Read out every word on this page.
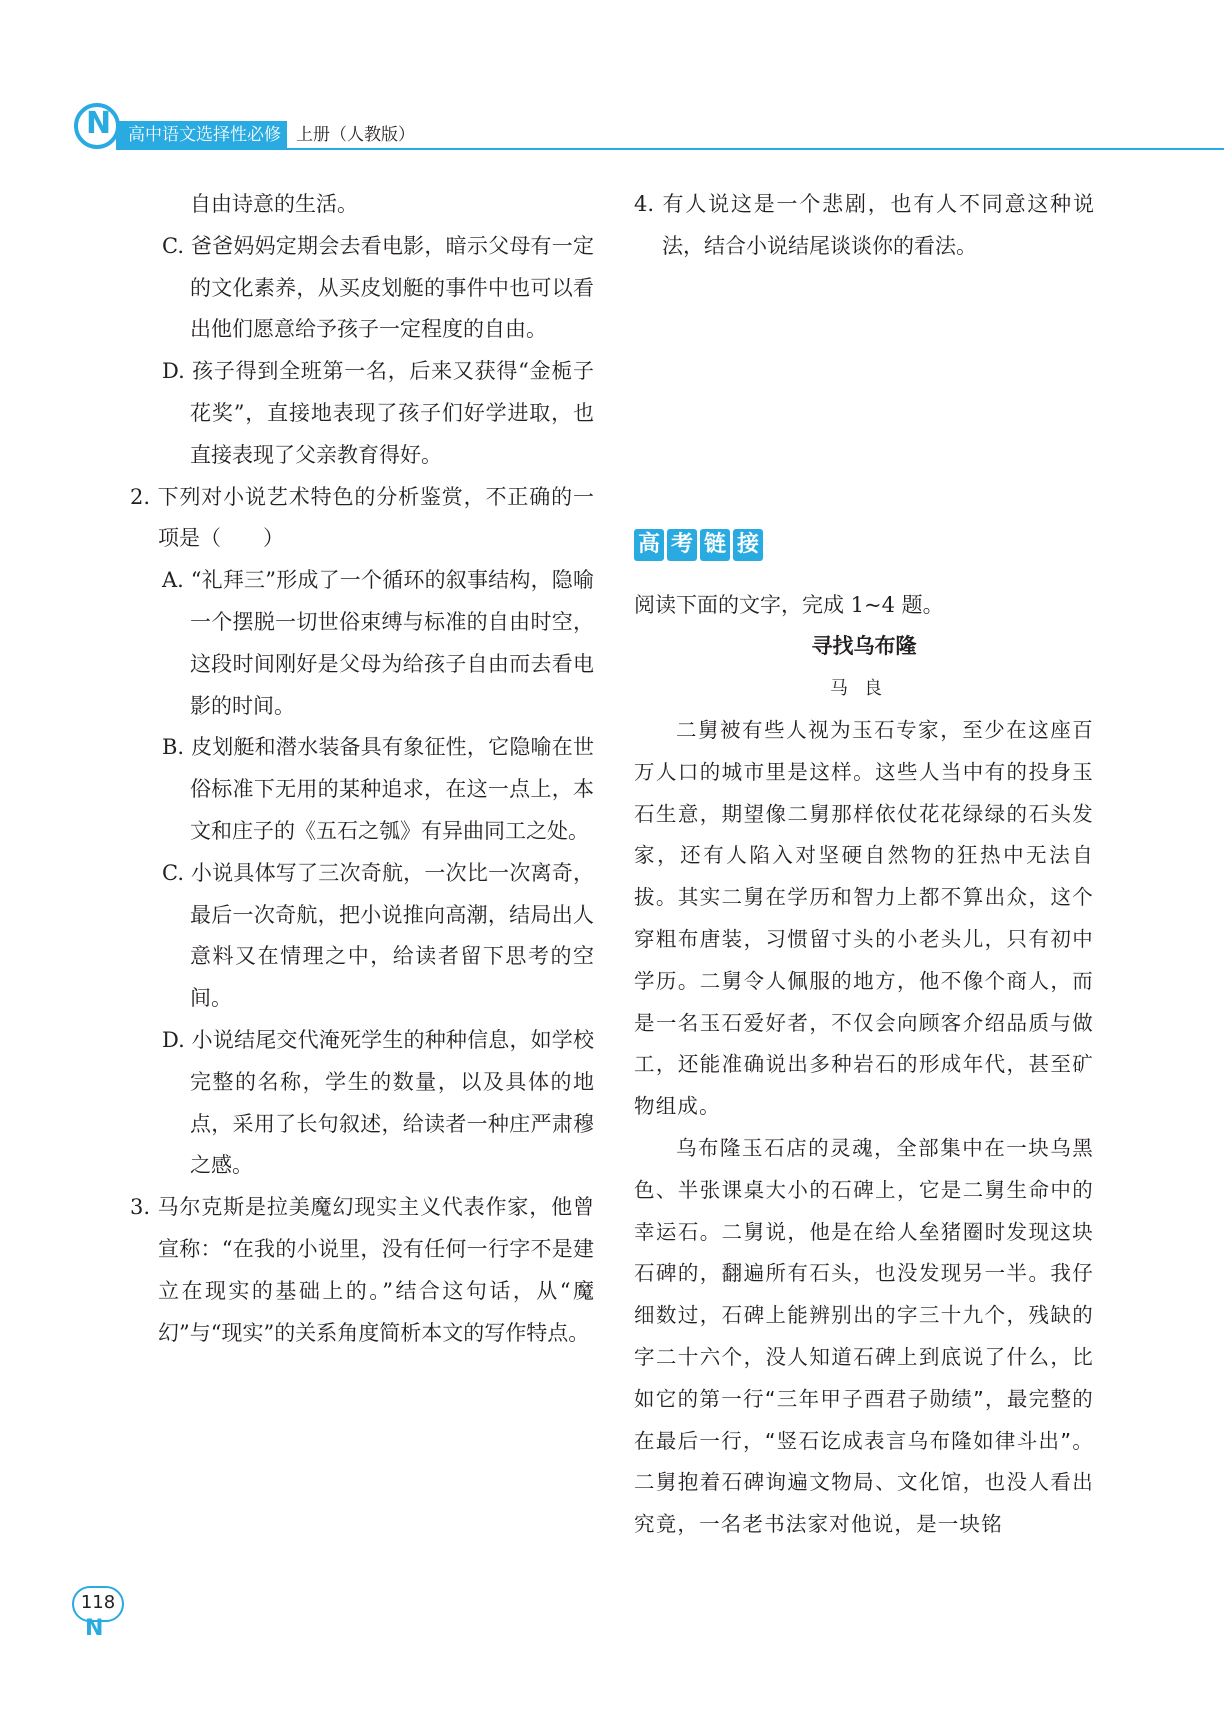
N 高中语文选择性必修 上册（人教版）

自由诗意的生活。

C. 爸爸妈妈定期会去看电影，暗示父母有一定的文化素养，从买皮划艇的事件中也可以看出他们愿意给予孩子一定程度的自由。

D. 孩子得到全班第一名，后来又获得“金栀子花奖”，直接地表现了孩子们好学进取，也直接表现了父亲教育得好。

2. 下列对小说艺术特色的分析鉴赏，不正确的一项是（　　）

A. “礼拜三”形成了一个循环的叙事结构，隐喻一个摆脱一切世俗束缚与标准的自由时空，这段时间刚好是父母为给孩子自由而去看电影的时间。

B. 皮划艇和潜水装备具有象征性，它隐喻在世俗标准下无用的某种追求，在这一点上，本文和庄子的《五石之瓠》有异曲同工之处。

C. 小说具体写了三次奇航，一次比一次离奇，最后一次奇航，把小说推向高潮，结局出人意料又在情理之中，给读者留下思考的空间。

D. 小说结尾交代淹死学生的种种信息，如学校完整的名称，学生的数量，以及具体的地点，采用了长句叙述，给读者一种庄严肃穆之感。

3. 马尔克斯是拉美魔幻现实主义代表作家，他曾宣称：“在我的小说里，没有任何一行字不是建立在现实的基础上的。”结合这句话，从“魔幻”与“现实”的关系角度简析本文的写作特点。

4. 有人说这是一个悲剧，也有人不同意这种说法，结合小说结尾谈谈你的看法。

高 考 链 接

阅读下面的文字，完成 1~4 题。

寻找乌布隆

马良

二舅被有些人视为玉石专家，至少在这座百万人口的城市里是这样。这些人当中有的投身玉石生意，期望像二舅那样依仗花花绿绿的石头发家，还有人陷入对坚硬自然物的狂热中无法自拔。其实二舅在学历和智力上都不算出众，这个穿粗布唐装，习惯留寸头的小老头儿，只有初中学历。二舅令人佩服的地方，他不像个商人，而是一名玉石爱好者，不仅会向顾客介绍品质与做工，还能准确说出多种岩石的形成年代，甚至矿物组成。

乌布隆玉石店的灵魂，全部集中在一块乌黑色、半张课桌大小的石碑上，它是二舅生命中的幸运石。二舅说，他是在给人垒猪圈时发现这块石碑的，翻遍所有石头，也没发现另一半。我仔细数过，石碑上能辨别出的字三十九个，残缺的字二十六个，没人知道石碑上到底说了什么，比如它的第一行“三年甲子酉君子勋绩”，最完整的在最后一行，“竖石讫成表言乌布隆如律斗出”。二舅抱着石碑询遍文物局、文化馆，也没人看出究竟，一名老书法家对他说，是一块铭

118
N
